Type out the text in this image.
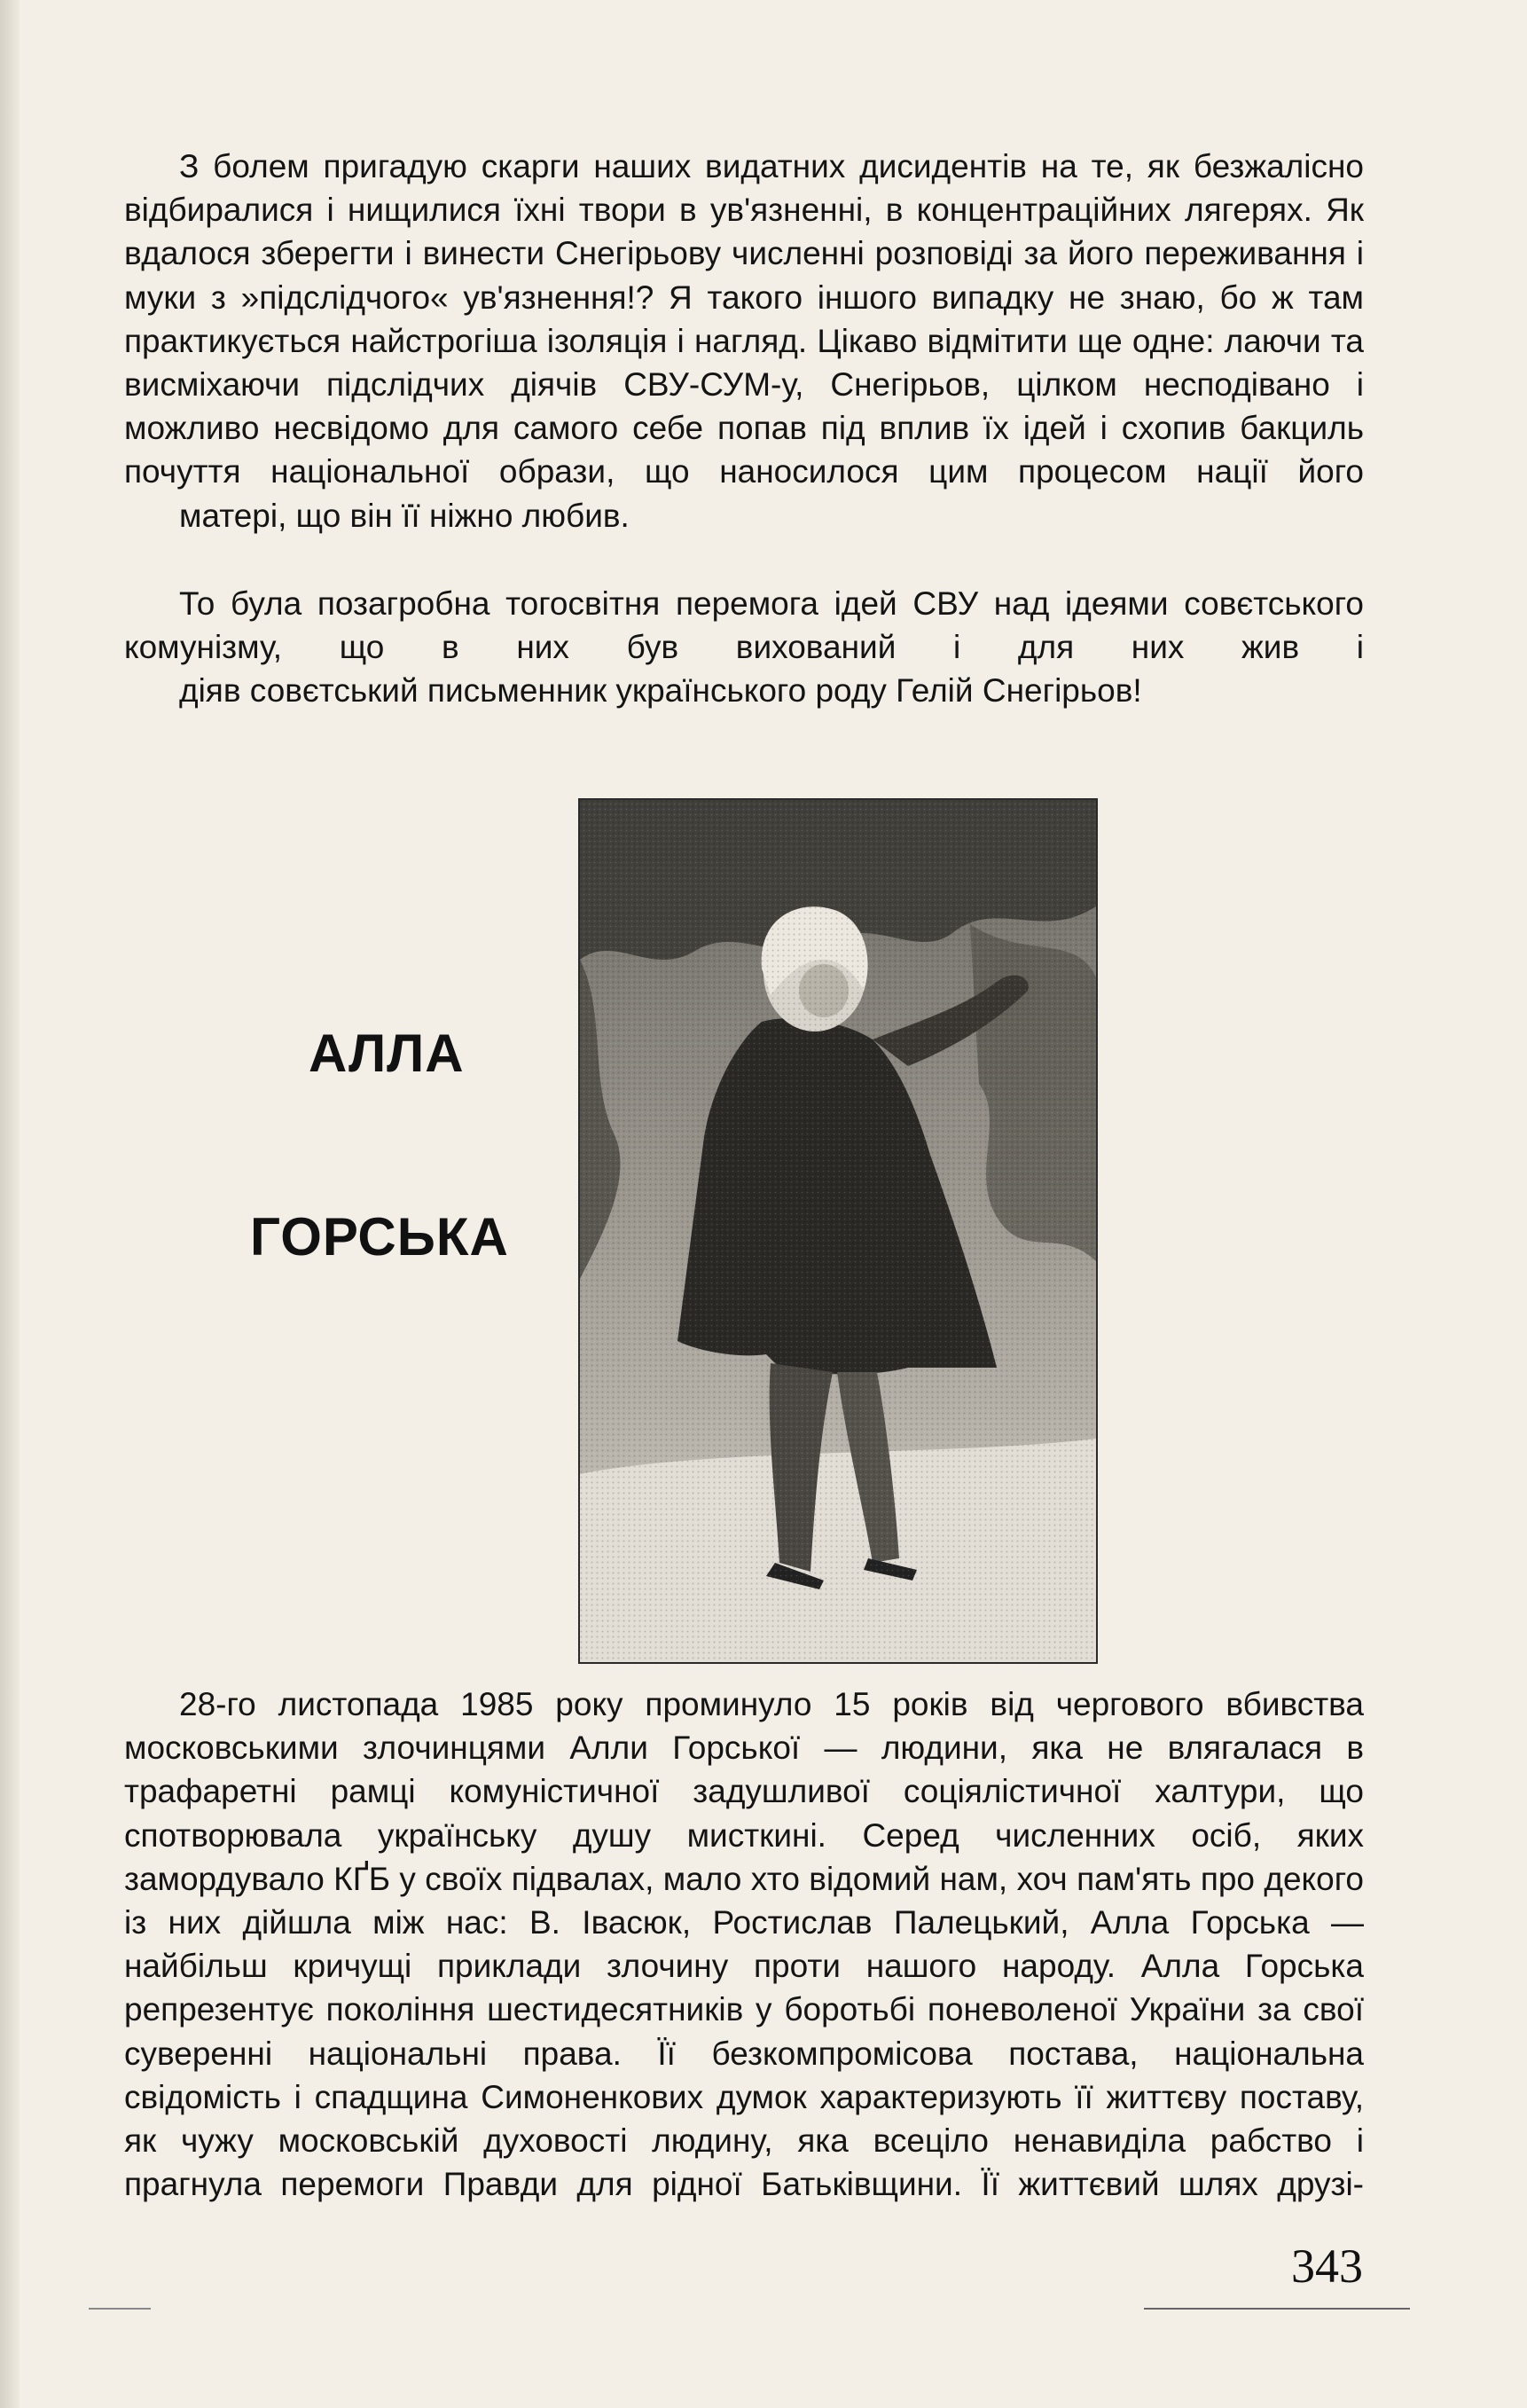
З болем пригадую скарги наших видатних дисидентів на те, як безжалісно відбиралися і нищилися їхні твори в ув'язненні, в концентраційних лягерях. Як вдалося зберегти і винести Снегірьову численні розповіді за його переживання і муки з »підслідчого« ув'язнення!? Я такого іншого випадку не знаю, бо ж там практикується найстрогіша ізоляція і нагляд. Цікаво відмітити ще одне: лаючи та висміхаючи підслідчих діячів СВУ-СУМ-у, Снегірьов, цілком несподівано і можливо несвідомо для самого себе попав під вплив їх ідей і схопив бакциль почуття національної образи, що наносилося цим процесом нації його
матері, що він її ніжно любив.

То була позагробна тогосвітня перемога ідей СВУ над ідеями совєтського комунізму, що в них був вихований і для них жив і
діяв совєтський письменник українського роду Гелій Снегірьов!

АЛЛА
ГОРСЬКА

28-го листопада 1985 року проминуло 15 років від чергового вбивства московськими злочинцями Алли Горської — людини, яка не влягалася в трафаретні рамці комуністичної задушливої соціялістичної халтури, що спотворювала українську душу мисткині. Серед численних осіб, яких замордувало КҐБ у своїх підвалах, мало хто відомий нам, хоч пам'ять про декого із них дійшла між нас: В. Івасюк, Ростислав Палецький, Алла Горська — найбільш кричущі приклади злочину проти нашого народу. Алла Горська репрезентує покоління шестидесятників у боротьбі поневоленої України за свої суверенні національні права. Її безкомпромісова постава, національна свідомість і спадщина Симоненкових думок характеризують її життєву поставу, як чужу московській духовості людину, яка всеціло ненавиділа рабство і прагнула перемоги Правди для рідної Батьківщини. Її життєвий шлях друзі-

343
